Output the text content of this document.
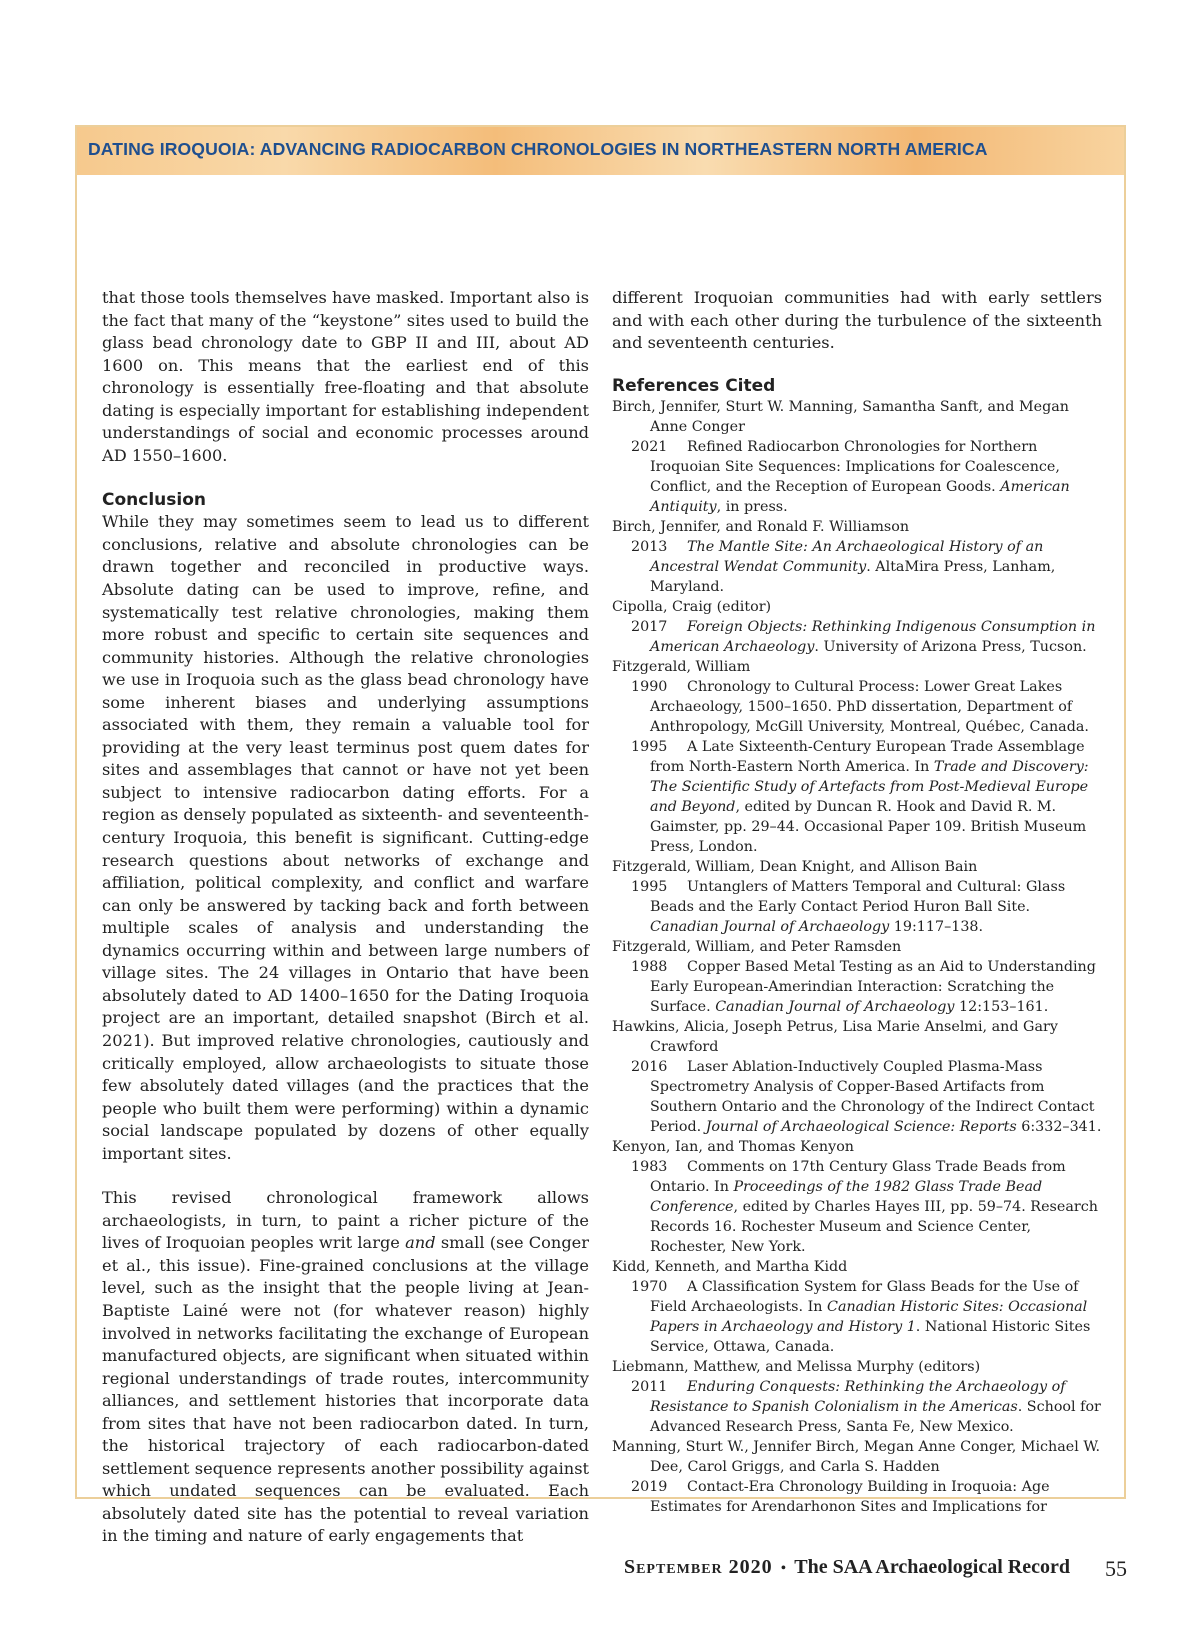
DATING IROQUOIA: ADVANCING RADIOCARBON CHRONOLOGIES IN NORTHEASTERN NORTH AMERICA

that those tools themselves have masked. Important also is the fact that many of the “keystone” sites used to build the glass bead chronology date to GBP II and III, about AD 1600 on. This means that the earliest end of this chronology is essentially free-floating and that absolute dating is especially important for establishing independent understandings of social and economic processes around AD 1550–1600.

Conclusion

While they may sometimes seem to lead us to different conclusions, relative and absolute chronologies can be drawn together and reconciled in productive ways. Absolute dating can be used to improve, refine, and systematically test relative chronologies, making them more robust and specific to certain site sequences and community histories. Although the relative chronologies we use in Iroquoia such as the glass bead chronology have some inherent biases and underlying assumptions associated with them, they remain a valuable tool for providing at the very least terminus post quem dates for sites and assemblages that cannot or have not yet been subject to intensive radiocarbon dating efforts. For a region as densely populated as sixteenth- and seventeenth-century Iroquoia, this benefit is significant. Cutting-edge research questions about networks of exchange and affiliation, political complexity, and conflict and warfare can only be answered by tacking back and forth between multiple scales of analysis and understanding the dynamics occurring within and between large numbers of village sites. The 24 villages in Ontario that have been absolutely dated to AD 1400–1650 for the Dating Iroquoia project are an important, detailed snapshot (Birch et al. 2021). But improved relative chronologies, cautiously and critically employed, allow archaeologists to situate those few absolutely dated villages (and the practices that the people who built them were performing) within a dynamic social landscape populated by dozens of other equally important sites.

This revised chronological framework allows archaeologists, in turn, to paint a richer picture of the lives of Iroquoian peoples writ large and small (see Conger et al., this issue). Fine-grained conclusions at the village level, such as the insight that the people living at Jean-Baptiste Lainé were not (for whatever reason) highly involved in networks facilitating the exchange of European manufactured objects, are significant when situated within regional understandings of trade routes, intercommunity alliances, and settlement histories that incorporate data from sites that have not been radiocarbon dated. In turn, the historical trajectory of each radiocarbon-dated settlement sequence represents another possibility against which undated sequences can be evaluated. Each absolutely dated site has the potential to reveal variation in the timing and nature of early engagements that

different Iroquoian communities had with early settlers and with each other during the turbulence of the sixteenth and seventeenth centuries.

References Cited

Birch, Jennifer, Sturt W. Manning, Samantha Sanft, and Megan Anne Conger

2021 Refined Radiocarbon Chronologies for Northern Iroquoian Site Sequences: Implications for Coalescence, Conflict, and the Reception of European Goods. American Antiquity, in press.

Birch, Jennifer, and Ronald F. Williamson

2013 The Mantle Site: An Archaeological History of an Ancestral Wendat Community. AltaMira Press, Lanham, Maryland.

Cipolla, Craig (editor)

2017 Foreign Objects: Rethinking Indigenous Consumption in American Archaeology. University of Arizona Press, Tucson.

Fitzgerald, William

1990 Chronology to Cultural Process: Lower Great Lakes Archaeology, 1500–1650. PhD dissertation, Department of Anthropology, McGill University, Montreal, Québec, Canada.

1995 A Late Sixteenth-Century European Trade Assemblage from North-Eastern North America. In Trade and Discovery: The Scientific Study of Artefacts from Post-Medieval Europe and Beyond, edited by Duncan R. Hook and David R. M. Gaimster, pp. 29–44. Occasional Paper 109. British Museum Press, London.

Fitzgerald, William, Dean Knight, and Allison Bain

1995 Untanglers of Matters Temporal and Cultural: Glass Beads and the Early Contact Period Huron Ball Site. Canadian Journal of Archaeology 19:117–138.

Fitzgerald, William, and Peter Ramsden

1988 Copper Based Metal Testing as an Aid to Understanding Early European-Amerindian Interaction: Scratching the Surface. Canadian Journal of Archaeology 12:153–161.

Hawkins, Alicia, Joseph Petrus, Lisa Marie Anselmi, and Gary Crawford

2016 Laser Ablation-Inductively Coupled Plasma-Mass Spectrometry Analysis of Copper-Based Artifacts from Southern Ontario and the Chronology of the Indirect Contact Period. Journal of Archaeological Science: Reports 6:332–341.

Kenyon, Ian, and Thomas Kenyon

1983 Comments on 17th Century Glass Trade Beads from Ontario. In Proceedings of the 1982 Glass Trade Bead Conference, edited by Charles Hayes III, pp. 59–74. Research Records 16. Rochester Museum and Science Center, Rochester, New York.

Kidd, Kenneth, and Martha Kidd

1970 A Classification System for Glass Beads for the Use of Field Archaeologists. In Canadian Historic Sites: Occasional Papers in Archaeology and History 1. National Historic Sites Service, Ottawa, Canada.

Liebmann, Matthew, and Melissa Murphy (editors)

2011 Enduring Conquests: Rethinking the Archaeology of Resistance to Spanish Colonialism in the Americas. School for Advanced Research Press, Santa Fe, New Mexico.

Manning, Sturt W., Jennifer Birch, Megan Anne Conger, Michael W. Dee, Carol Griggs, and Carla S. Hadden

2019 Contact-Era Chronology Building in Iroquoia: Age Estimates for Arendarhonon Sites and Implications for

September 2020 • The SAA Archaeological Record 55
